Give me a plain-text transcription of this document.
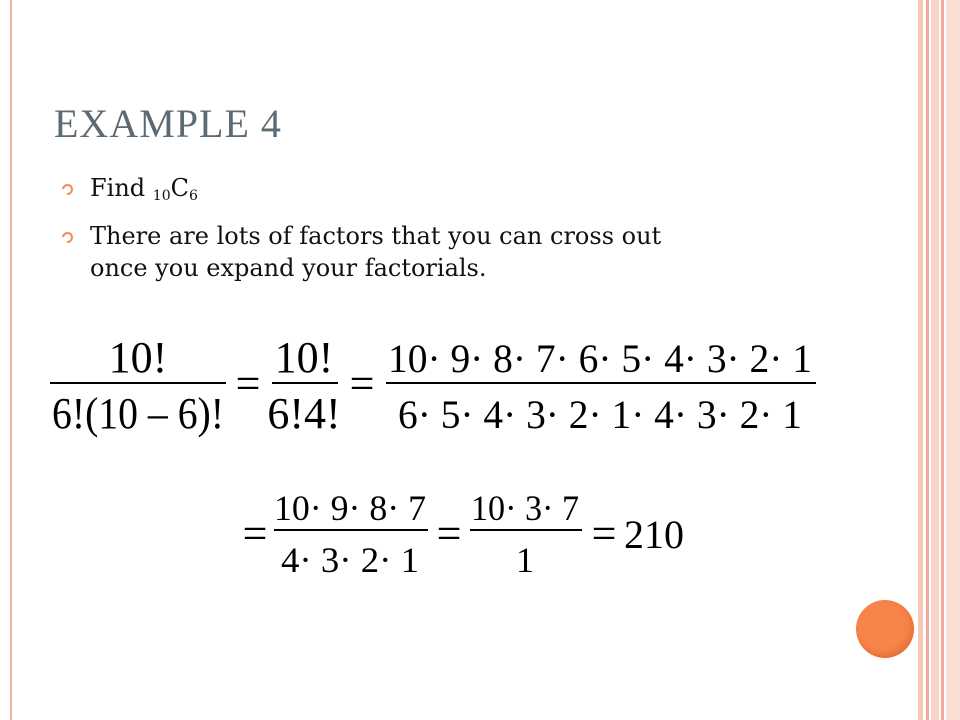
EXAMPLE 4
Find $_{10}C_6$
There are lots of factors that you can cross out
once you expand your factorials.
10!
6!(10 – 6)!
=
10!
6!4!
=
10· 9· 8· 7· 6· 5· 4· 3· 2· 1
6· 5· 4· 3· 2· 1· 4· 3· 2· 1
=
10· 9· 8· 7
4· 3· 2· 1
=
10· 3· 7
1
= 210
